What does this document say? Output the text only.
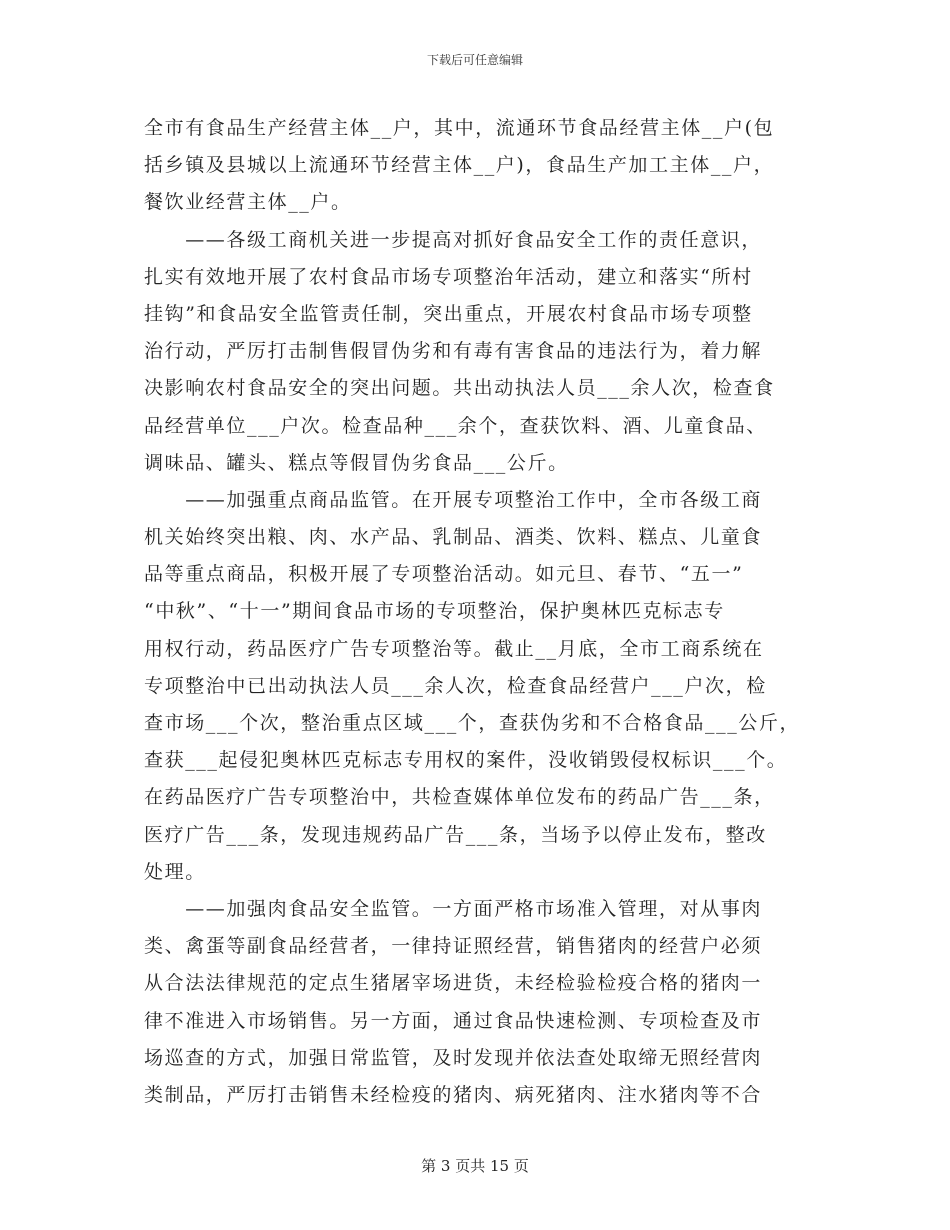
下载后可任意编辑
全市有食品生产经营主体__户，其中，流通环节食品经营主体__户(包
括乡镇及县城以上流通环节经营主体__户)，食品生产加工主体__户，
餐饮业经营主体__户。
　　——各级工商机关进一步提高对抓好食品安全工作的责任意识，
扎实有效地开展了农村食品市场专项整治年活动，建立和落实“所村
挂钩”和食品安全监管责任制，突出重点，开展农村食品市场专项整
治行动，严厉打击制售假冒伪劣和有毒有害食品的违法行为，着力解
决影响农村食品安全的突出问题。共出动执法人员___余人次，检查食
品经营单位___户次。检查品种___余个，查获饮料、酒、儿童食品、
调味品、罐头、糕点等假冒伪劣食品___公斤。
　　——加强重点商品监管。在开展专项整治工作中，全市各级工商
机关始终突出粮、肉、水产品、乳制品、酒类、饮料、糕点、儿童食
品等重点商品，积极开展了专项整治活动。如元旦、春节、“五一”
“中秋”、“十一”期间食品市场的专项整治，保护奥林匹克标志专
用权行动，药品医疗广告专项整治等。截止__月底，全市工商系统在
专项整治中已出动执法人员___余人次，检查食品经营户___户次，检
查市场___个次，整治重点区域___个，查获伪劣和不合格食品___公斤，
查获___起侵犯奥林匹克标志专用权的案件，没收销毁侵权标识___个。
在药品医疗广告专项整治中，共检查媒体单位发布的药品广告___条，
医疗广告___条，发现违规药品广告___条，当场予以停止发布，整改
处理。
　　——加强肉食品安全监管。一方面严格市场准入管理，对从事肉
类、禽蛋等副食品经营者，一律持证照经营，销售猪肉的经营户必须
从合法法律规范的定点生猪屠宰场进货，未经检验检疫合格的猪肉一
律不准进入市场销售。另一方面，通过食品快速检测、专项检查及市
场巡查的方式，加强日常监管，及时发现并依法查处取缔无照经营肉
类制品，严厉打击销售未经检疫的猪肉、病死猪肉、注水猪肉等不合
第 3 页共 15 页
